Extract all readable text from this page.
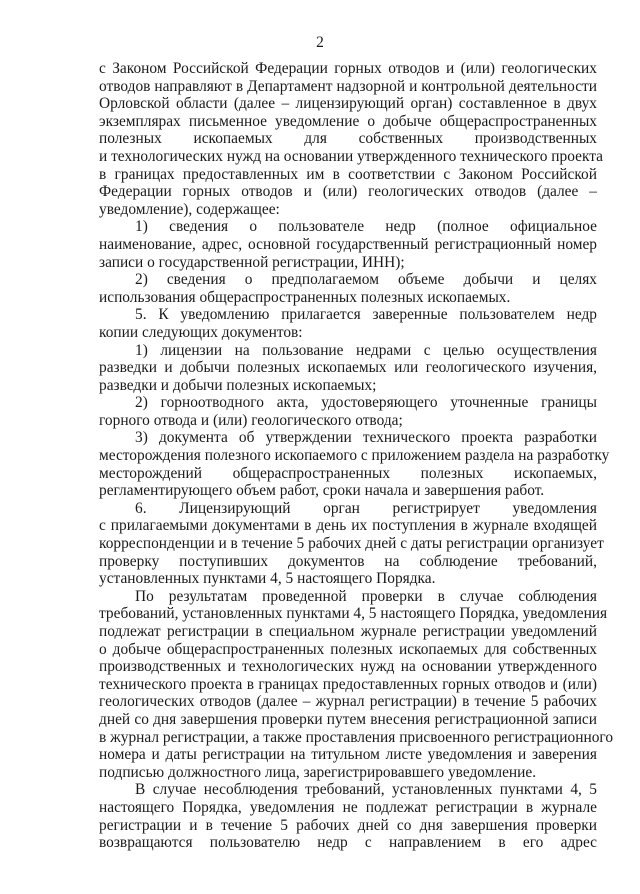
2
с Законом Российской Федерации горных отводов и (или) геологических
отводов направляют в Департамент надзорной и контрольной деятельности
Орловской области (далее – лицензирующий орган) составленное в двух
экземплярах письменное уведомление о добыче общераспространенных
полезных ископаемых для собственных производственных
и технологических нужд на основании утвержденного технического проекта
в границах предоставленных им в соответствии с Законом Российской
Федерации горных отводов и (или) геологических отводов (далее –
уведомление), содержащее:
1) сведения о пользователе недр (полное официальное
наименование, адрес, основной государственный регистрационный номер
записи о государственной регистрации, ИНН);
2) сведения о предполагаемом объеме добычи и целях
использования общераспространенных полезных ископаемых.
5. К уведомлению прилагается заверенные пользователем недр
копии следующих документов:
1) лицензии на пользование недрами с целью осуществления
разведки и добычи полезных ископаемых или геологического изучения,
разведки и добычи полезных ископаемых;
2) горноотводного акта, удостоверяющего уточненные границы
горного отвода и (или) геологического отвода;
3) документа об утверждении технического проекта разработки
месторождения полезного ископаемого с приложением раздела на разработку
месторождений общераспространенных полезных ископаемых,
регламентирующего объем работ, сроки начала и завершения работ.
6. Лицензирующий орган регистрирует уведомления
с прилагаемыми документами в день их поступления в журнале входящей
корреспонденции и в течение 5 рабочих дней с даты регистрации организует
проверку поступивших документов на соблюдение требований,
установленных пунктами 4, 5 настоящего Порядка.
По результатам проведенной проверки в случае соблюдения
требований, установленных пунктами 4, 5 настоящего Порядка, уведомления
подлежат регистрации в специальном журнале регистрации уведомлений
о добыче общераспространенных полезных ископаемых для собственных
производственных и технологических нужд на основании утвержденного
технического проекта в границах предоставленных горных отводов и (или)
геологических отводов (далее – журнал регистрации) в течение 5 рабочих
дней со дня завершения проверки путем внесения регистрационной записи
в журнал регистрации, а также проставления присвоенного регистрационного
номера и даты регистрации на титульном листе уведомления и заверения
подписью должностного лица, зарегистрировавшего уведомление.
В случае несоблюдения требований, установленных пунктами 4, 5
настоящего Порядка, уведомления не подлежат регистрации в журнале
регистрации и в течение 5 рабочих дней со дня завершения проверки
возвращаются пользователю недр с направлением в его адрес
